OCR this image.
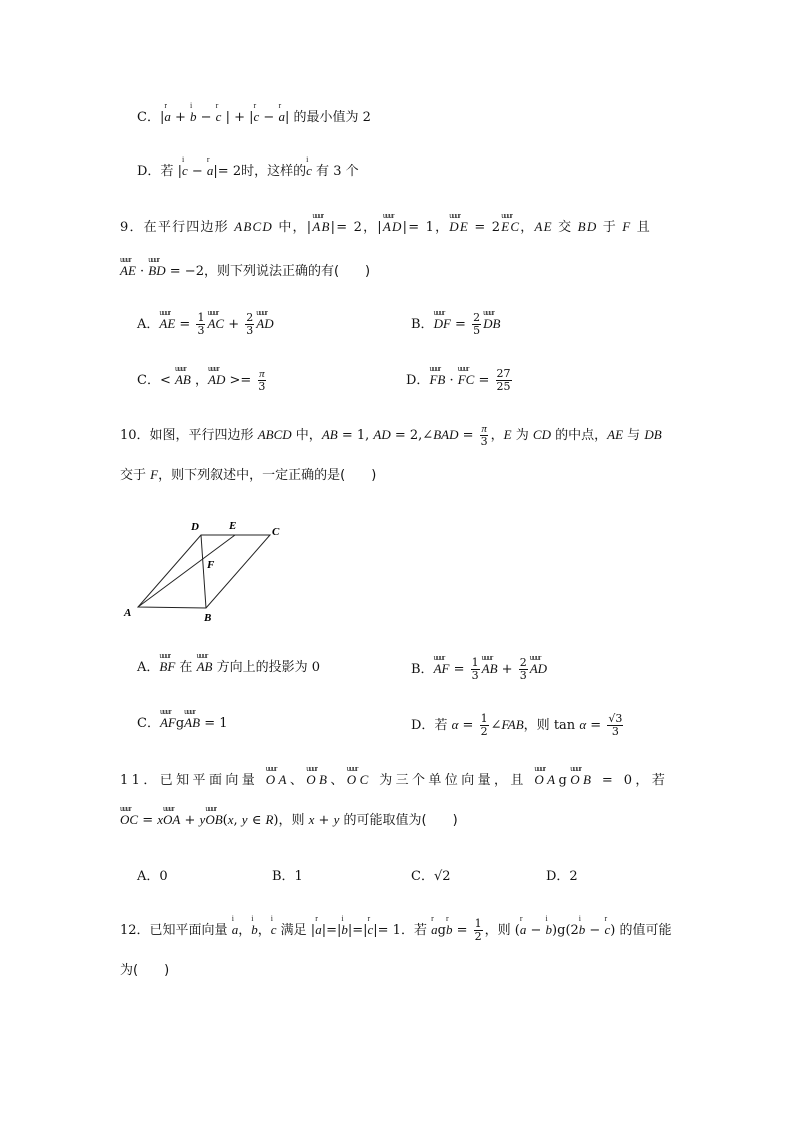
C．|r a + i b − r c | + |r c − r a| 的最小值为 2
D．若 |i c − r a|= 2时，这样的i c 有 3 个
9．在平行四边形 ABCD 中，|uuur AB|= 2，|uuur AD|= 1，uuur DE = 2uuur EC，AE 交 BD 于 F 且
uuur AE · uuur BD = −2，则下列说法正确的有(　　)
A．uuur AE = $\frac{1}{3}$ uuur AC + $\frac{2}{3}$ uuur AD	B．uuur DF = $\frac{2}{5}$ uuur DB
C．< uuur AB ，uuur AD >= $\frac{\pi}{3}$	D．uuur FB · uuur FC = $\frac{27}{25}$
10．如图，平行四边形 ABCD 中，AB = 1, AD = 2,∠BAD = $\frac{\pi}{3}$ ，E 为 CD 的中点，AE 与 DB
交于 F，则下列叙述中，一定正确的是(　　)
D	E	C
F
A	B
A．uuur BF 在 uuur AB 方向上的投影为 0	B．uuur AF = $\frac{1}{3}$ uuur AB + $\frac{2}{3}$ uuur AD
C．uuur AFguuur AB = 1	D．若 $\alpha = \frac{1}{2}$ ∠FAB，则 $\tan \alpha = \frac{√3}{3}$
11．已知平面向量 uuur OA、uuur OB、uuur OC 为三个单位向量，且 uuur OAguuur OB = 0，若
uuur OC = xuuur OA + yuuur OB(x, y ∈ R)，则 x + y 的可能取值为(　　)
A．0	B．1	C．√2	D．2
12．已知平面向量 i a，i b，i c 满足 |r a|=|i b|=|r c|= 1．若 r agr $b = \frac{1}{2}$ ，则 (r a − i b)g(2i b − r c) 的值可能
为(　　)
